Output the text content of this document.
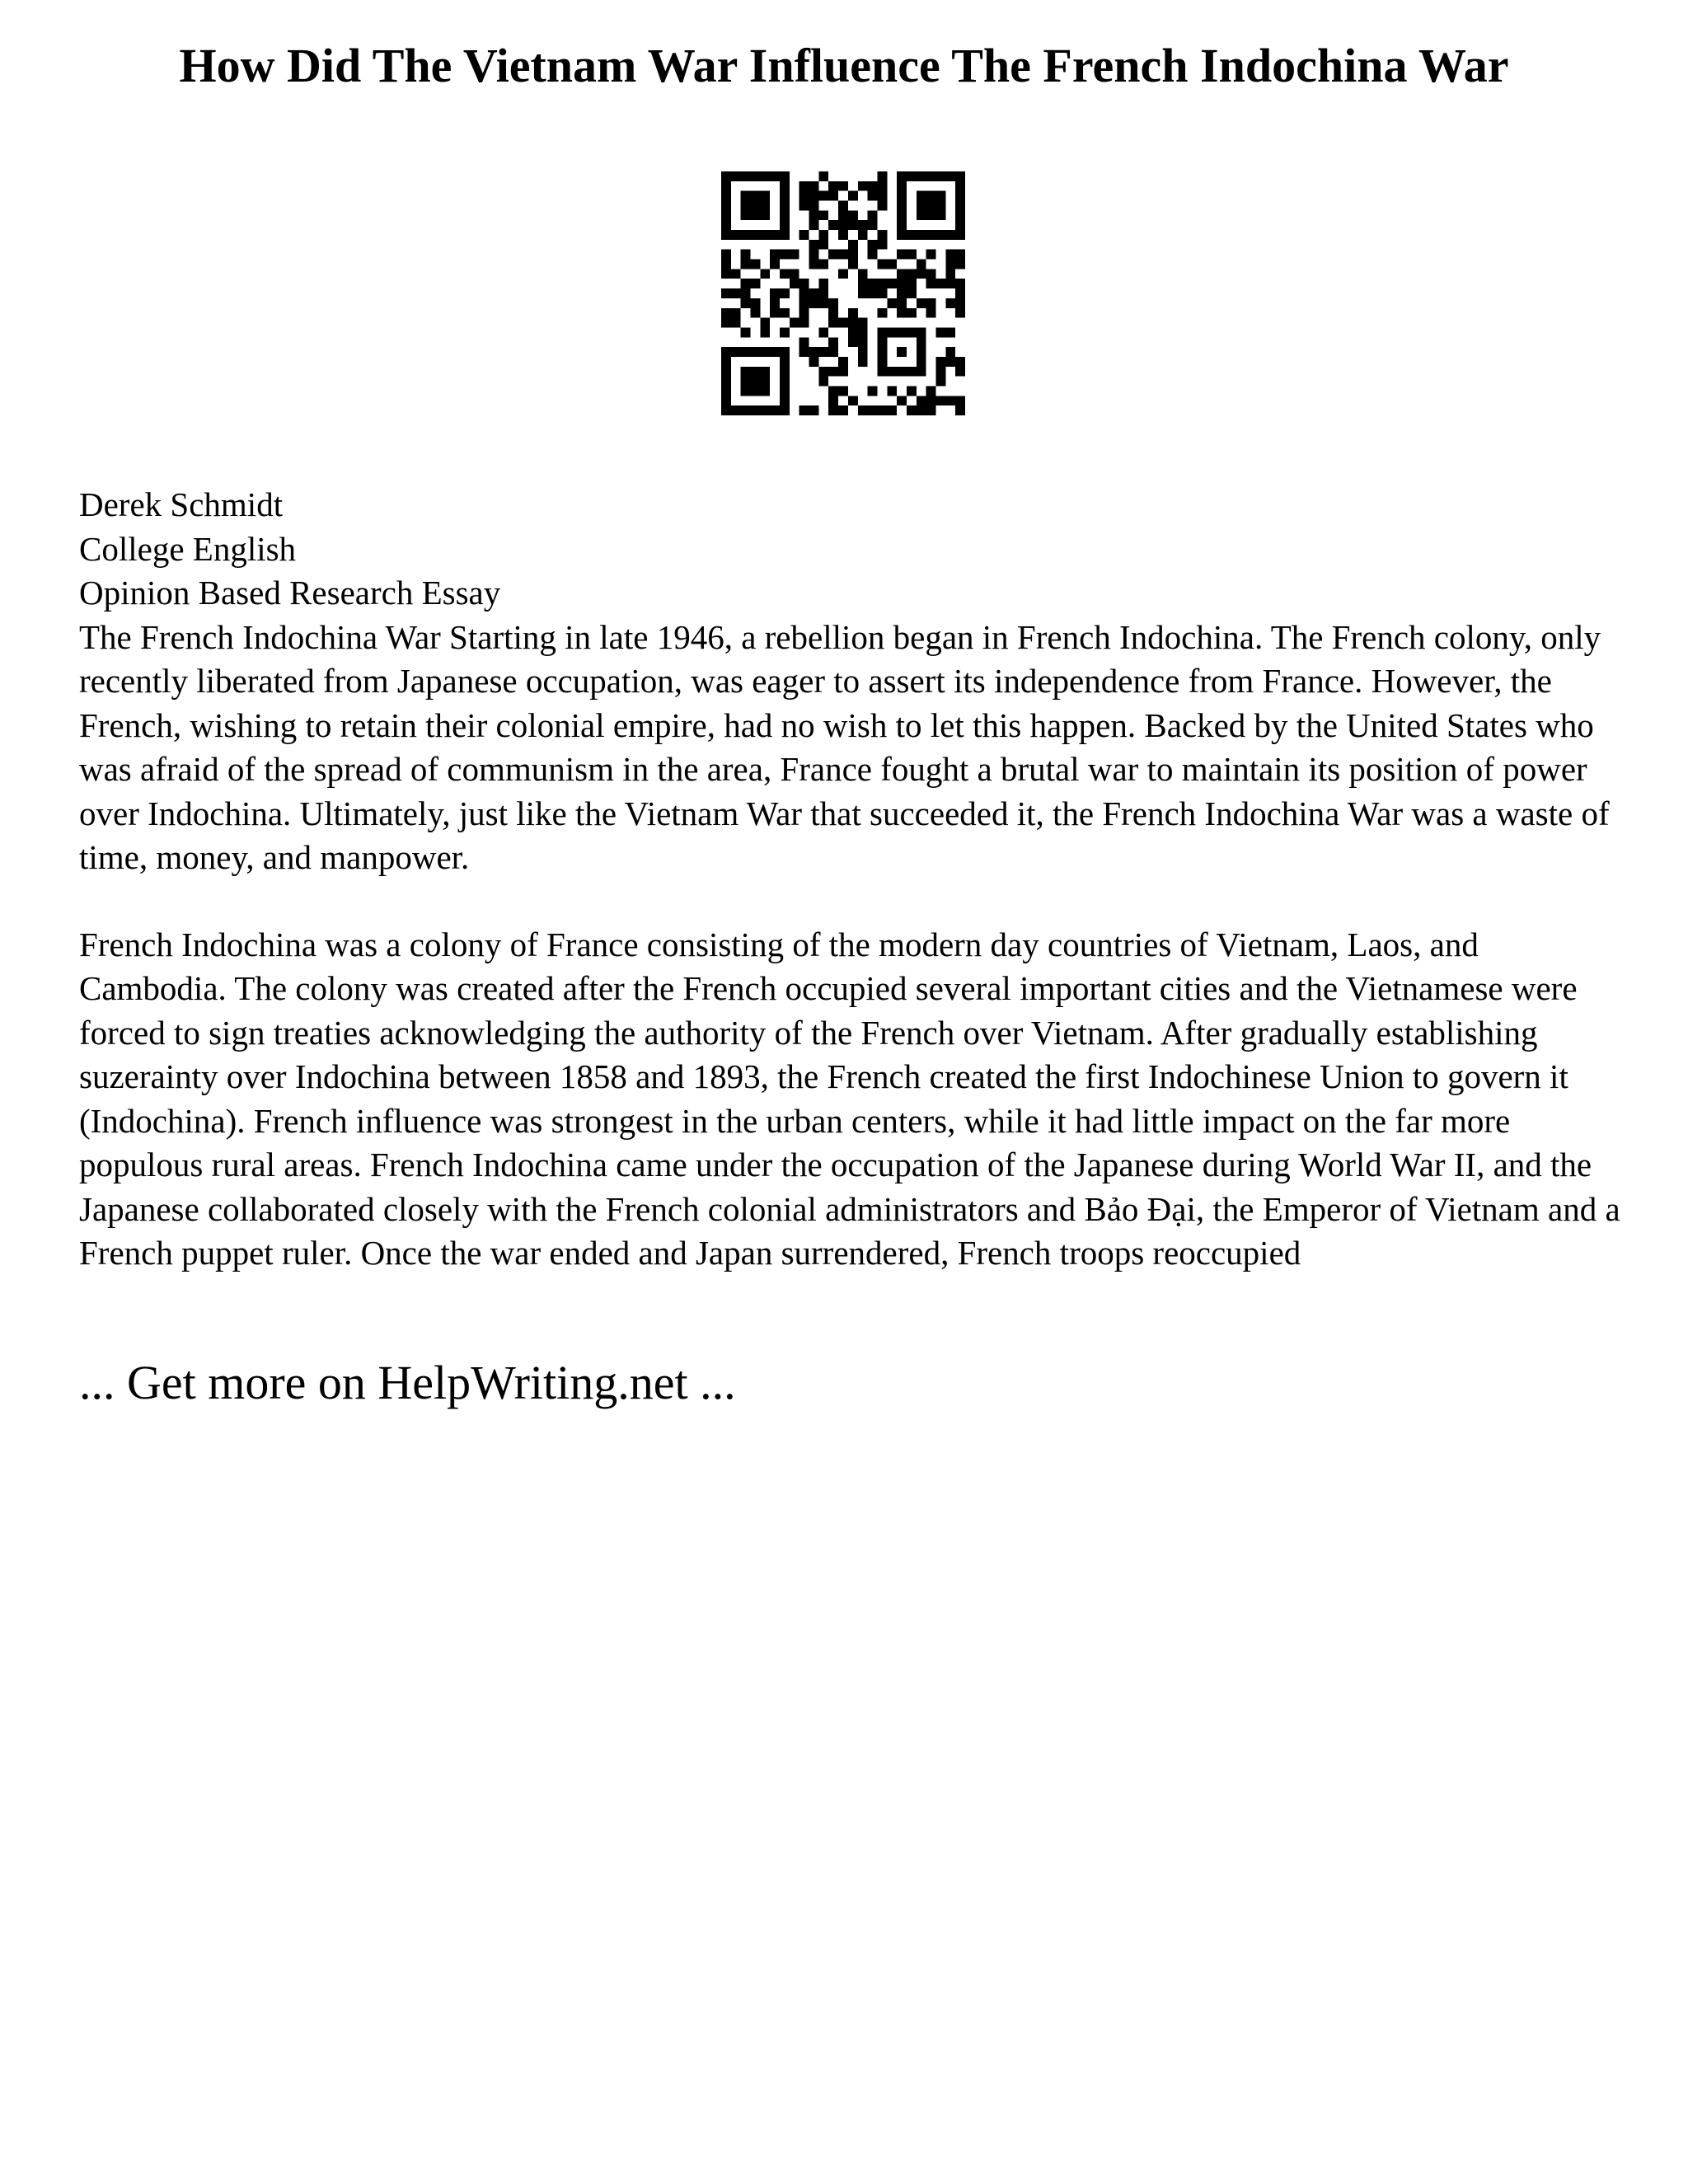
How Did The Vietnam War Influence The French Indochina War
Derek Schmidt
College English
Opinion Based Research Essay

The French Indochina War Starting in late 1946, a rebellion began in French Indochina. The French colony, only recently liberated from Japanese occupation, was eager to assert its independence from France. However, the French, wishing to retain their colonial empire, had no wish to let this happen. Backed by the United States who was afraid of the spread of communism in the area, France fought a brutal war to maintain its position of power over Indochina. Ultimately, just like the Vietnam War that succeeded it, the French Indochina War was a waste of time, money, and manpower.

French Indochina was a colony of France consisting of the modern day countries of Vietnam, Laos, and Cambodia. The colony was created after the French occupied several important cities and the Vietnamese were forced to sign treaties acknowledging the authority of the French over Vietnam. After gradually establishing suzerainty over Indochina between 1858 and 1893, the French created the first Indochinese Union to govern it (Indochina). French influence was strongest in the urban centers, while it had little impact on the far more populous rural areas. French Indochina came under the occupation of the Japanese during World War II, and the Japanese collaborated closely with the French colonial administrators and Bảo Đại, the Emperor of Vietnam and a French puppet ruler. Once the war ended and Japan surrendered, French troops reoccupied

... Get more on HelpWriting.net ...
